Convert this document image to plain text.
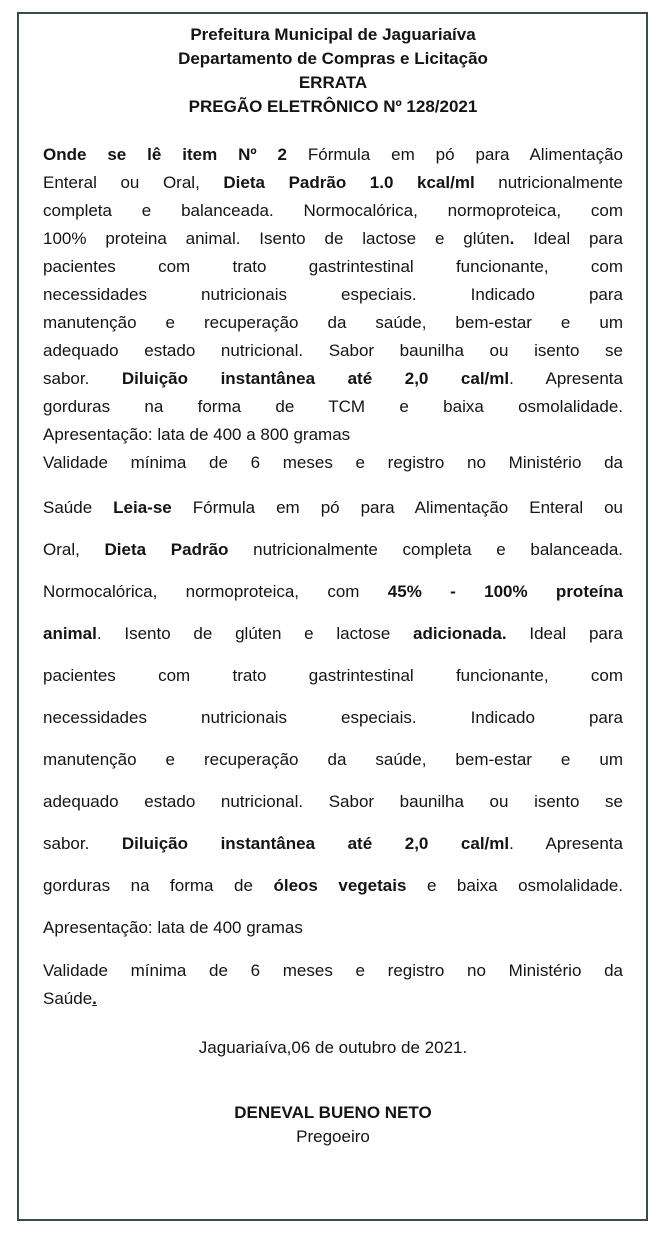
Prefeitura Municipal de Jaguariaíva
Departamento de Compras e Licitação
ERRATA
PREGÃO ELETRÔNICO Nº 128/2021
Onde se lê item Nº 2 Fórmula em pó para Alimentação
Enteral ou Oral, Dieta Padrão 1.0 kcal/ml nutricionalmente
completa e balanceada. Normocalórica, normoproteica, com
100% proteina animal. Isento de lactose e glúten. Ideal para
pacientes com trato gastrintestinal funcionante, com
necessidades nutricionais especiais. Indicado para
manutenção e recuperação da saúde, bem-estar e um
adequado estado nutricional. Sabor baunilha ou isento se
sabor. Diluição instantânea até 2,0 cal/ml. Apresenta
gorduras na forma de TCM e baixa osmolalidade.
Apresentação: lata de 400 a 800 gramas
Validade mínima de 6 meses e registro no Ministério da
Saúde Leia-se Fórmula em pó para Alimentação Enteral ou
Oral, Dieta Padrão nutricionalmente completa e balanceada.
Normocalórica, normoproteica, com 45% - 100% proteína
animal. Isento de glúten e lactose adicionada. Ideal para
pacientes com trato gastrintestinal funcionante, com
necessidades nutricionais especiais. Indicado para
manutenção e recuperação da saúde, bem-estar e um
adequado estado nutricional. Sabor baunilha ou isento se
sabor. Diluição instantânea até 2,0 cal/ml. Apresenta
gorduras na forma de óleos vegetais e baixa osmolalidade.
Apresentação: lata de 400 gramas
Validade mínima de 6 meses e registro no Ministério da
Saúde.
Jaguariaíva,06 de outubro de 2021.
DENEVAL BUENO NETO
Pregoeiro
